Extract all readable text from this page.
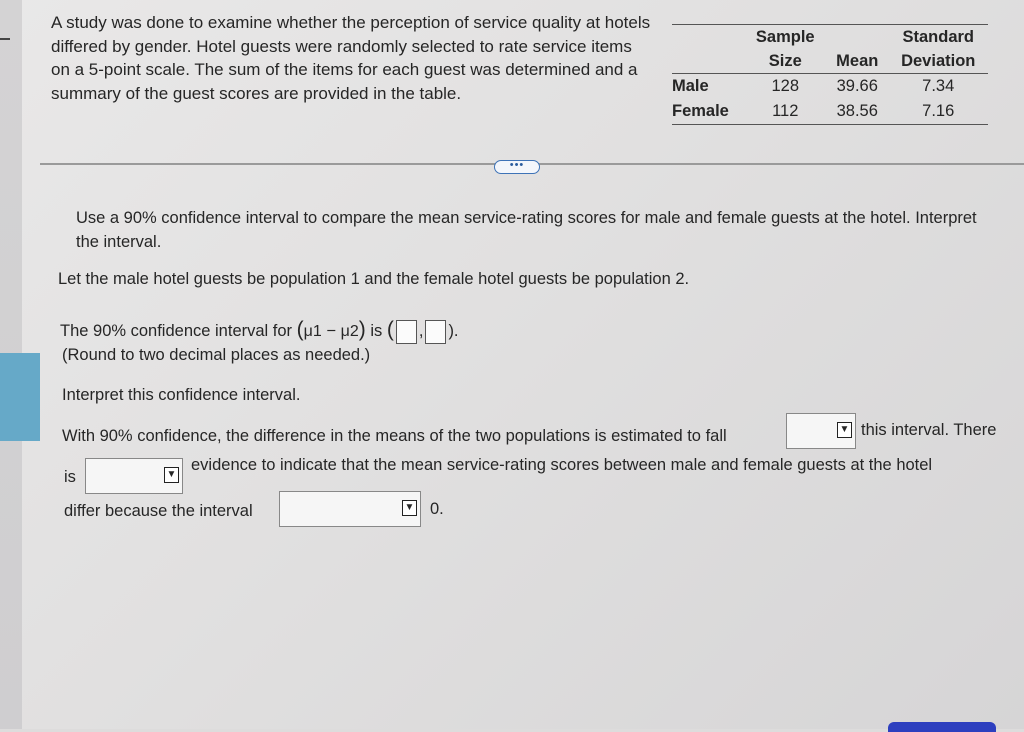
A study was done to examine whether the perception of service quality at hotels differed by gender. Hotel guests were randomly selected to rate service items on a 5-point scale. The sum of the items for each guest was determined and a summary of the guest scores are provided in the table.

	Sample		Standard
	Size	Mean	Deviation
Male	128	39.66	7.34
Female	112	38.56	7.16
•••

Use a 90% confidence interval to compare the mean service-rating scores for male and female guests at the hotel. Interpret the interval.

Let the male hotel guests be population 1 and the female hotel guests be population 2.

The 90% confidence interval for (μ1 − μ2) is ( , ).

(Round to two decimal places as needed.)

Interpret this confidence interval.

With 90% confidence, the difference in the means of the two populations is estimated to fall	▼ this interval. There

is	▼

evidence to indicate that the mean service-rating scores between male and female guests at the hotel

differ because the interval	▼ 0.
